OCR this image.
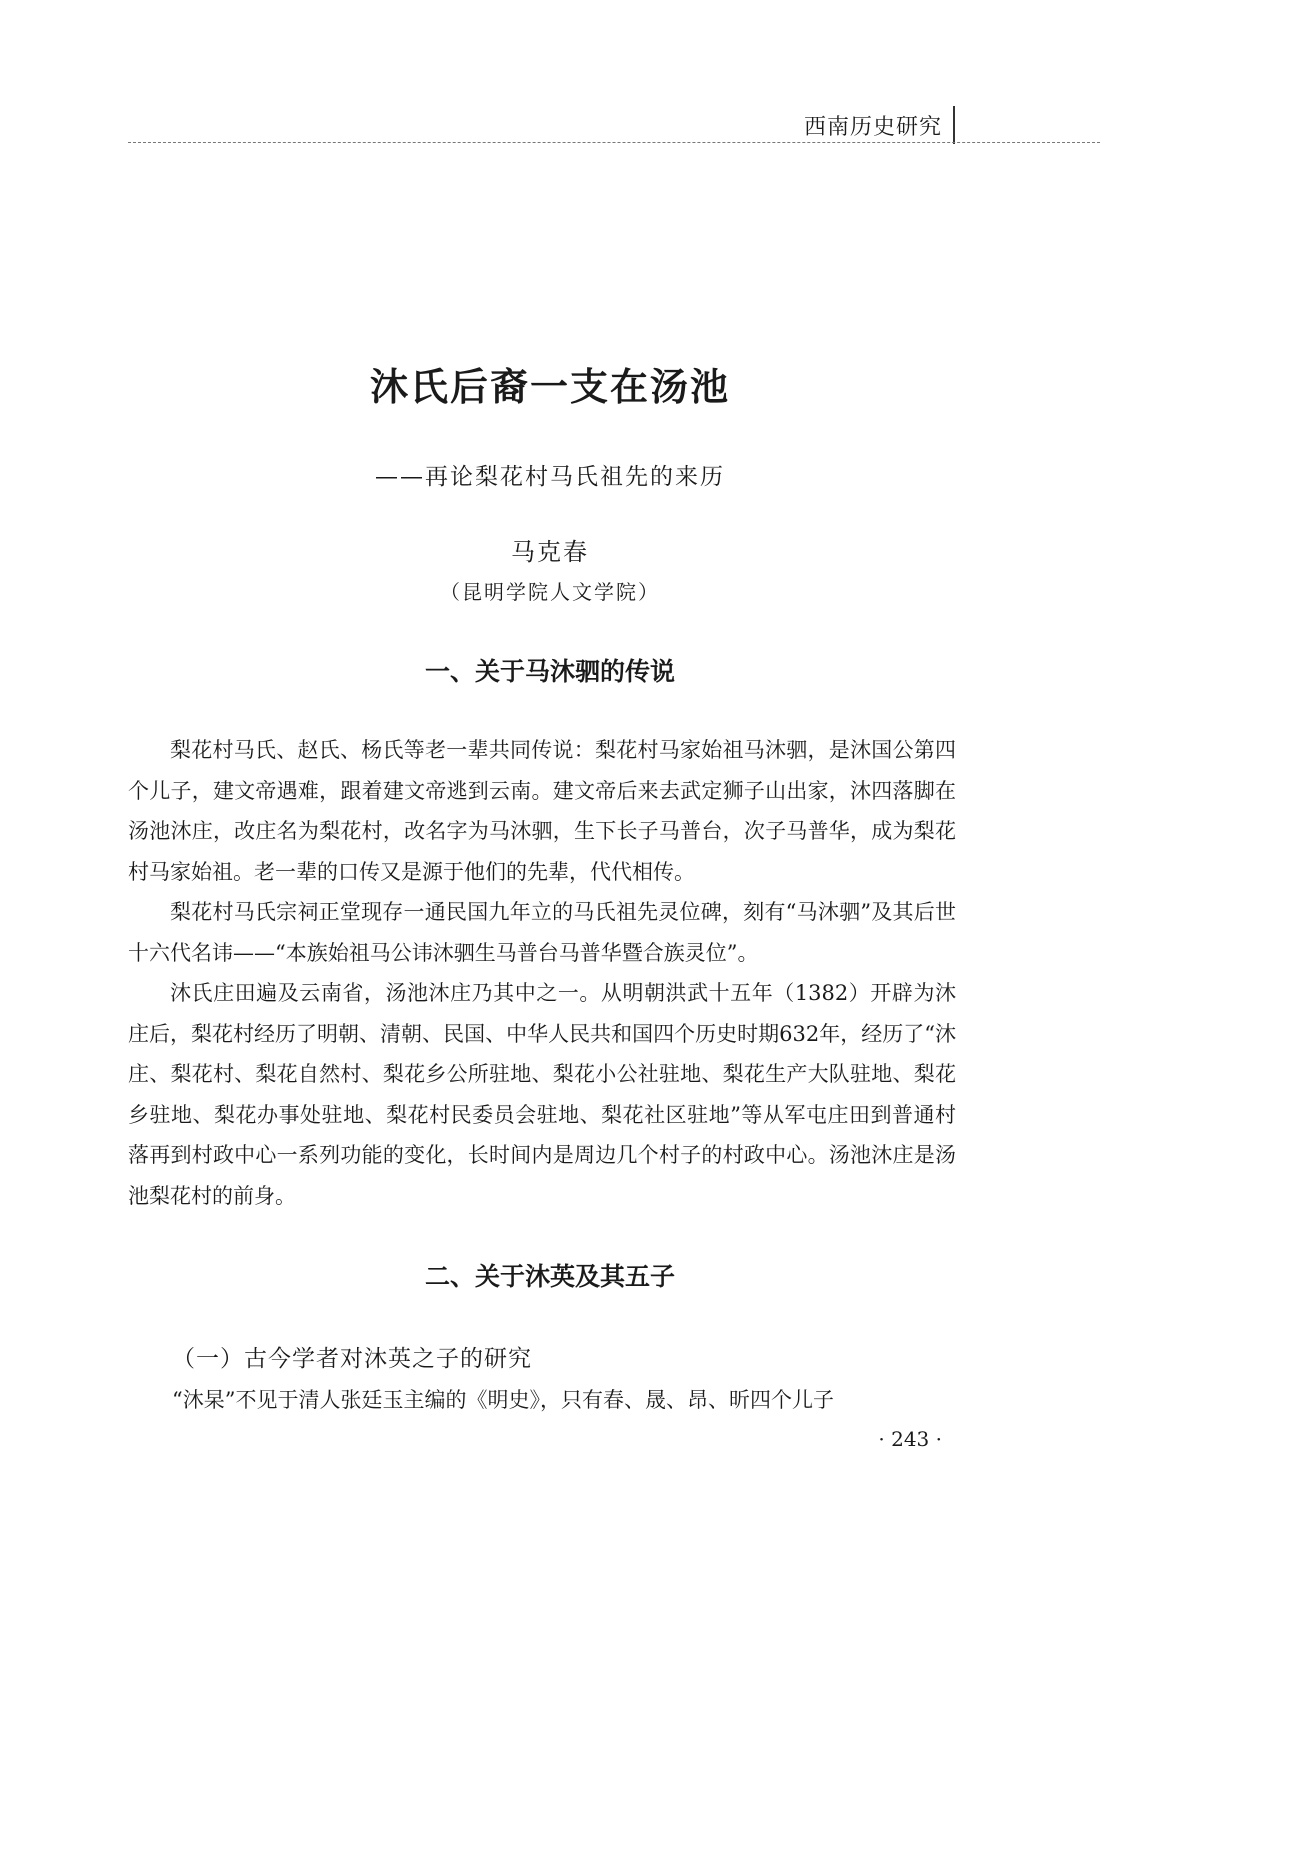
西南历史研究
沐氏后裔一支在汤池
——再论梨花村马氏祖先的来历
马克春
（昆明学院人文学院）
一、关于马沐驷的传说

梨花村马氏、赵氏、杨氏等老一辈共同传说：梨花村马家始祖马沐驷，是沐国公第四个儿子，建文帝遇难，跟着建文帝逃到云南。建文帝后来去武定狮子山出家，沐四落脚在汤池沐庄，改庄名为梨花村，改名字为马沐驷，生下长子马普台，次子马普华，成为梨花村马家始祖。老一辈的口传又是源于他们的先辈，代代相传。

梨花村马氏宗祠正堂现存一通民国九年立的马氏祖先灵位碑，刻有“马沐驷”及其后世十六代名讳——“本族始祖马公讳沐驷生马普台马普华暨合族灵位”。

沐氏庄田遍及云南省，汤池沐庄乃其中之一。从明朝洪武十五年（1382）开辟为沐庄后，梨花村经历了明朝、清朝、民国、中华人民共和国四个历史时期632年，经历了“沐庄、梨花村、梨花自然村、梨花乡公所驻地、梨花小公社驻地、梨花生产大队驻地、梨花乡驻地、梨花办事处驻地、梨花村民委员会驻地、梨花社区驻地”等从军屯庄田到普通村落再到村政中心一系列功能的变化，长时间内是周边几个村子的村政中心。汤池沐庄是汤池梨花村的前身。

二、关于沐英及其五子
（一）古今学者对沐英之子的研究

“沐杲”不见于清人张廷玉主编的《明史》，只有春、晟、昂、昕四个儿子

· 243 ·
